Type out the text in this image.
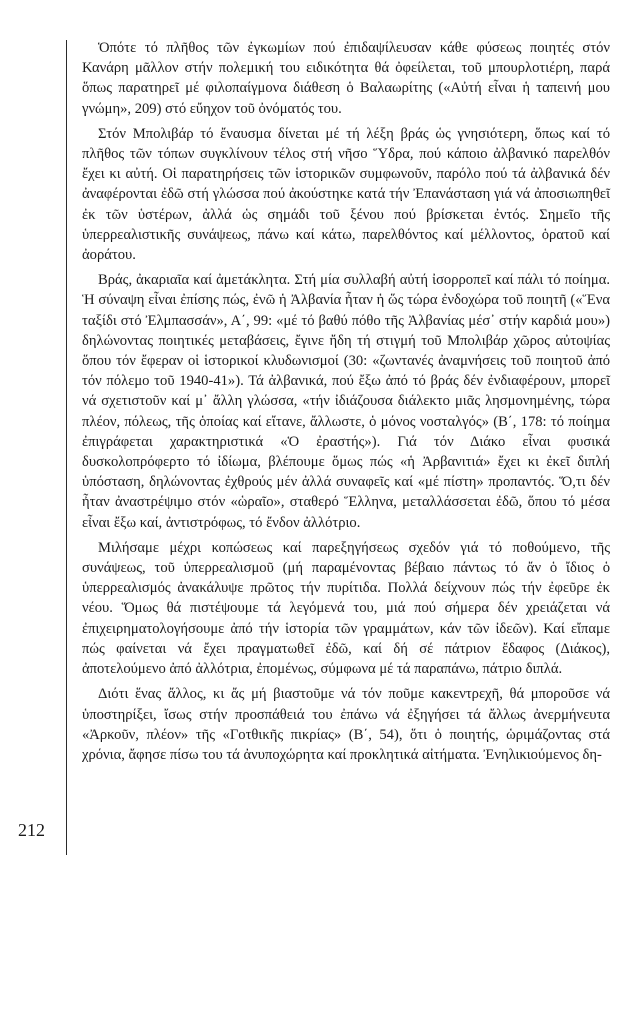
212

Ὁπότε τό πλῆθος τῶν ἐγκωμίων πού ἐπιδαψίλευσαν κάθε φύσεως ποιητές στόν Κανάρη μᾶλλον στήν πολεμική του ειδικότητα θά ὀφείλεται, τοῦ μπουρλοτιέρη, παρά ὅπως παρατηρεῖ μέ φιλοπαίγμονα διάθεση ὁ Βαλαωρίτης («Αὐτή εἶναι ἡ ταπεινή μου γνώμη», 209) στό εὔηχον τοῦ ὀνόματός του.

Στόν Μπολιβάρ τό ἔναυσμα δίνεται μέ τή λέξη βράς ὡς γνησιότερη, ὅπως καί τό πλῆθος τῶν τόπων συγκλίνουν τέλος στή νῆσο Ὕδρα, πού κάποιο ἀλβανικό παρελθόν ἔχει κι αὐτή. Οἱ παρατηρήσεις τῶν ἱστορικῶν συμφωνοῦν, παρόλο πού τά ἀλβανικά δέν ἀναφέρονται ἐδῶ στή γλώσσα πού ἀκούστηκε κατά τήν Ἐπανάσταση γιά νά ἀποσιωπηθεῖ ἐκ τῶν ὑστέρων, ἀλλά ὡς σημάδι τοῦ ξένου πού βρίσκεται ἐντός. Σημεῖο τῆς ὑπερρεαλιστικῆς συνάψεως, πάνω καί κάτω, παρελθόντος καί μέλλοντος, ὁρατοῦ καί ἀοράτου.

Βράς, ἀκαριαῖα καί ἀμετάκλητα. Στή μία συλλαβή αὐτή ἰσορροπεῖ καί πάλι τό ποίημα. Ἡ σύναψη εἶναι ἐπίσης πώς, ἐνῶ ἡ Ἀλβανία ἦταν ἡ ὥς τώρα ἐνδοχώρα τοῦ ποιητῆ («Ἕνα ταξίδι στό Ἐλμπασσάν», Α΄, 99: «μέ τό βαθύ πόθο τῆς Ἀλβανίας μέσ᾽ στήν καρδιά μου») δηλώνοντας ποιητικές μεταβάσεις, ἔγινε ἤδη τή στιγμή τοῦ Μπολιβάρ χῶρος αὐτοψίας ὅπου τόν ἔφεραν οἱ ἱστορικοί κλυδωνισμοί (30: «ζωντανές ἀναμνήσεις τοῦ ποιητοῦ ἀπό τόν πόλεμο τοῦ 1940-41»). Τά ἀλβανικά, πού ἔξω ἀπό τό βράς δέν ἐνδιαφέρουν, μπορεῖ νά σχετιστοῦν καί μ᾽ ἄλλη γλώσσα, «τήν ἰδιάζουσα διάλεκτο μιᾶς λησμονημένης, τώρα πλέον, πόλεως, τῆς ὁποίας καί εἴτανε, ἄλλωστε, ὁ μόνος νοσταλγός» (Β΄, 178: τό ποίημα ἐπιγράφεται χαρακτηριστικά «Ὁ ἐραστής»). Γιά τόν Διάκο εἶναι φυσικά δυσκολοπρόφερτο τό ἰδίωμα, βλέπουμε ὅμως πώς «ἡ Ἀρβανιτιά» ἔχει κι ἐκεῖ διπλή ὑπόσταση, δηλώνοντας ἐχθρούς μέν ἀλλά συναφεῖς καί «μέ πίστη» προπαντός. Ὅ,τι δέν ἦταν ἀναστρέψιμο στόν «ὡραῖο», σταθερό Ἕλληνα, μεταλλάσσεται ἐδῶ, ὅπου τό μέσα εἶναι ἔξω καί, ἀντιστρόφως, τό ἔνδον ἀλλότριο.

Μιλήσαμε μέχρι κοπώσεως καί παρεξηγήσεως σχεδόν γιά τό ποθούμενο, τῆς συνάψεως, τοῦ ὑπερρεαλισμοῦ (μή παραμένοντας βέβαιο πάντως τό ἄν ὁ ἴδιος ὁ ὑπερρεαλισμός ἀνακάλυψε πρῶτος τήν πυρίτιδα. Πολλά δείχνουν πώς τήν ἐφεῦρε ἐκ νέου. Ὅμως θά πιστέψουμε τά λεγόμενά του, μιά πού σήμερα δέν χρειάζεται νά ἐπιχειρηματολογήσουμε ἀπό τήν ἱστορία τῶν γραμμάτων, κάν τῶν ἰδεῶν). Καί εἴπαμε πώς φαίνεται νά ἔχει πραγματωθεῖ ἐδῶ, καί δή σέ πάτριον ἔδαφος (Διάκος), ἀποτελούμενο ἀπό ἀλλότρια, ἐπομένως, σύμφωνα μέ τά παραπάνω, πάτριο διπλά.

Διότι ἕνας ἄλλος, κι ἄς μή βιαστοῦμε νά τόν ποῦμε κακεντρεχῆ, θά μποροῦσε νά ὑποστηρίξει, ἴσως στήν προσπάθειά του ἐπάνω νά ἐξηγήσει τά ἄλλως ἀνερμήνευτα «Ἀρκοῦν, πλέον» τῆς «Γοτθικῆς πικρίας» (Β΄, 54), ὅτι ὁ ποιητής, ὡριμάζοντας στά χρόνια, ἄφησε πίσω του τά ἀνυποχώρητα καί προκλητικά αἰτήματα. Ἐνηλικιούμενος δη-
